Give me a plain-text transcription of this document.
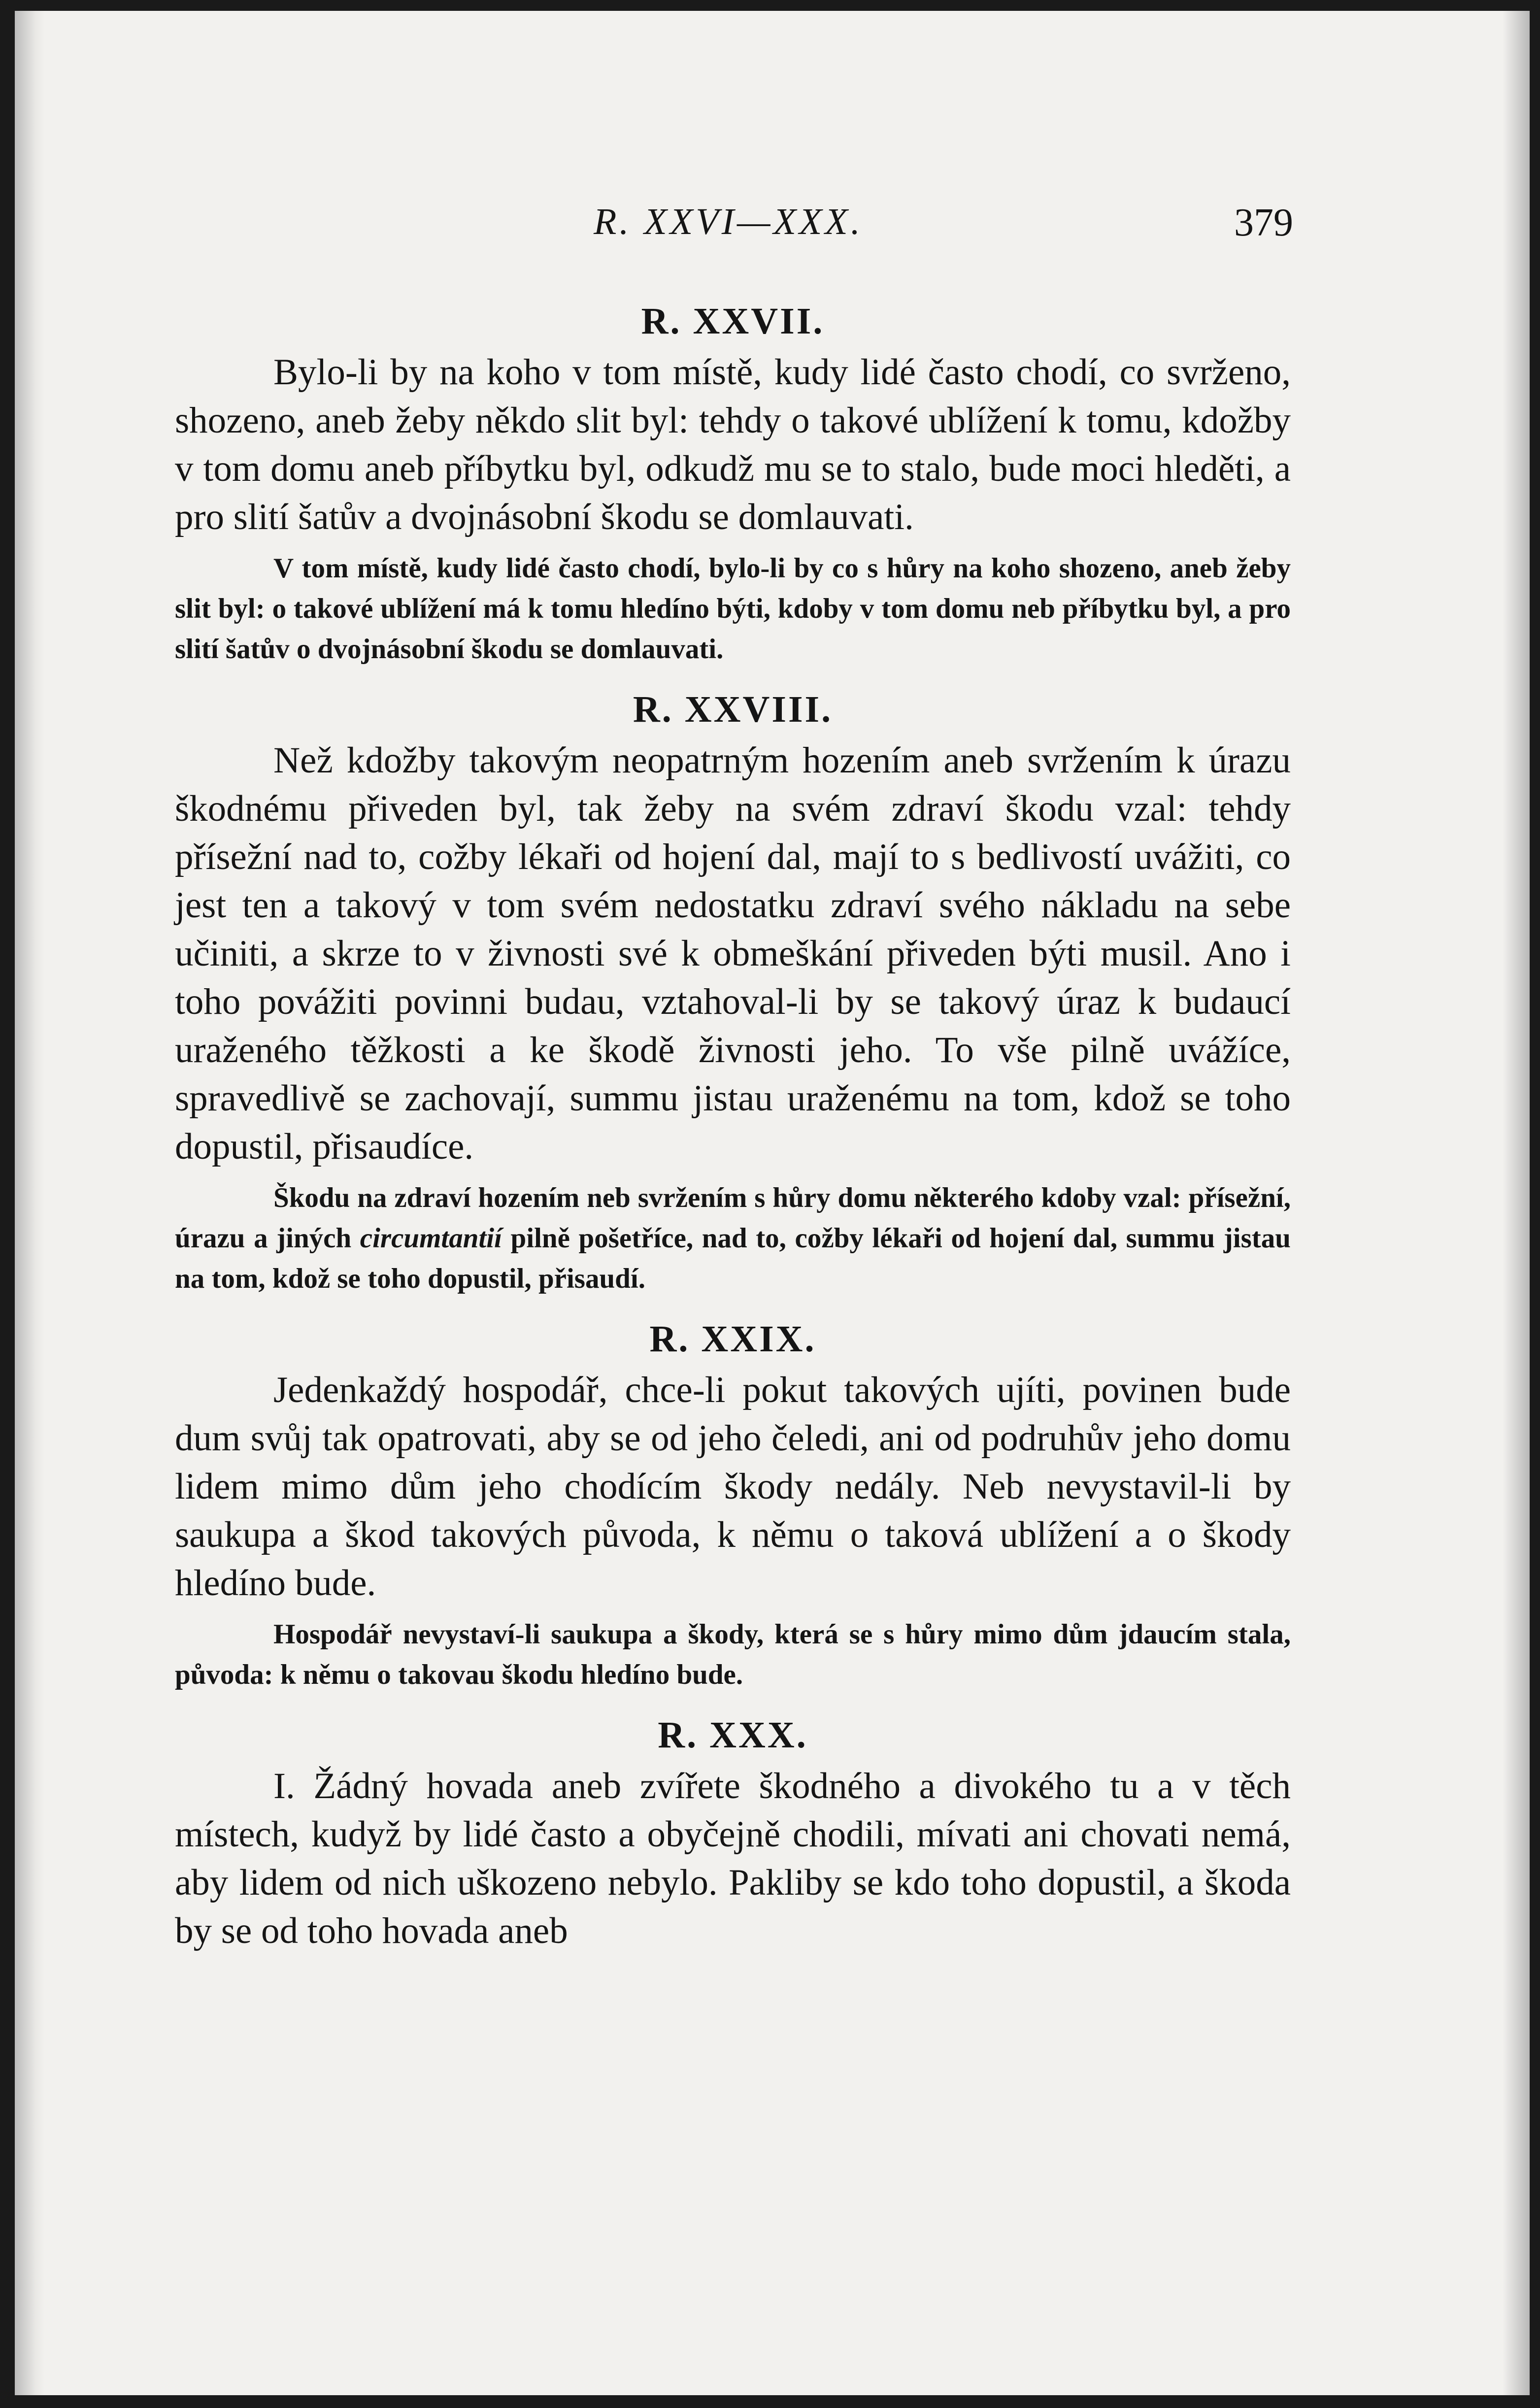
R. XXVI—XXX.	379
R. XXVII.

Bylo-li by na koho v tom místě, kudy lidé často chodí, co svrženo, shozeno, aneb žeby někdo slit byl: tehdy o takové ublížení k tomu, kdožby v tom domu aneb příbytku byl, odkudž mu se to stalo, bude moci hleděti, a pro slití šatův a dvojnásobní škodu se domlauvati.

V tom místě, kudy lidé často chodí, bylo-li by co s hůry na koho shozeno, aneb žeby slit byl: o takové ublížení má k tomu hledíno býti, kdoby v tom domu neb příbytku byl, a pro slití šatův o dvojnásobní škodu se domlauvati.

R. XXVIII.

Než kdožby takovým neopatrným hozením aneb svržením k úrazu škodnému přiveden byl, tak žeby na svém zdraví škodu vzal: tehdy přísežní nad to, cožby lékaři od hojení dal, mají to s bedlivostí uvážiti, co jest ten a takový v tom svém nedostatku zdraví svého nákladu na sebe učiniti, a skrze to v živnosti své k obmeškání přiveden býti musil. Ano i toho povážiti povinni budau, vztahoval-li by se takový úraz k budaucí uraženého těžkosti a ke škodě živnosti jeho. To vše pilně uvážíce, spravedlivě se zachovají, summu jistau uraženému na tom, kdož se toho dopustil, přisaudíce.

Škodu na zdraví hozením neb svržením s hůry domu některého kdoby vzal: přísežní, úrazu a jiných circumtantií pilně pošetříce, nad to, cožby lékaři od hojení dal, summu jistau na tom, kdož se toho dopustil, přisaudí.

R. XXIX.

Jedenkaždý hospodář, chce-li pokut takových ujíti, povinen bude dum svůj tak opatrovati, aby se od jeho čeledi, ani od podruhův jeho domu lidem mimo dům jeho chodícím škody nedály. Neb nevystavil-li by saukupa a škod takových původa, k němu o taková ublížení a o škody hledíno bude.

Hospodář nevystaví-li saukupa a škody, která se s hůry mimo dům jdaucím stala, původa: k němu o takovau škodu hledíno bude.

R. XXX.

I. Žádný hovada aneb zvířete škodného a divokého tu a v těch místech, kudyž by lidé často a obyčejně chodili, mívati ani chovati nemá, aby lidem od nich uškozeno nebylo. Pakliby se kdo toho dopustil, a škoda by se od toho hovada aneb
